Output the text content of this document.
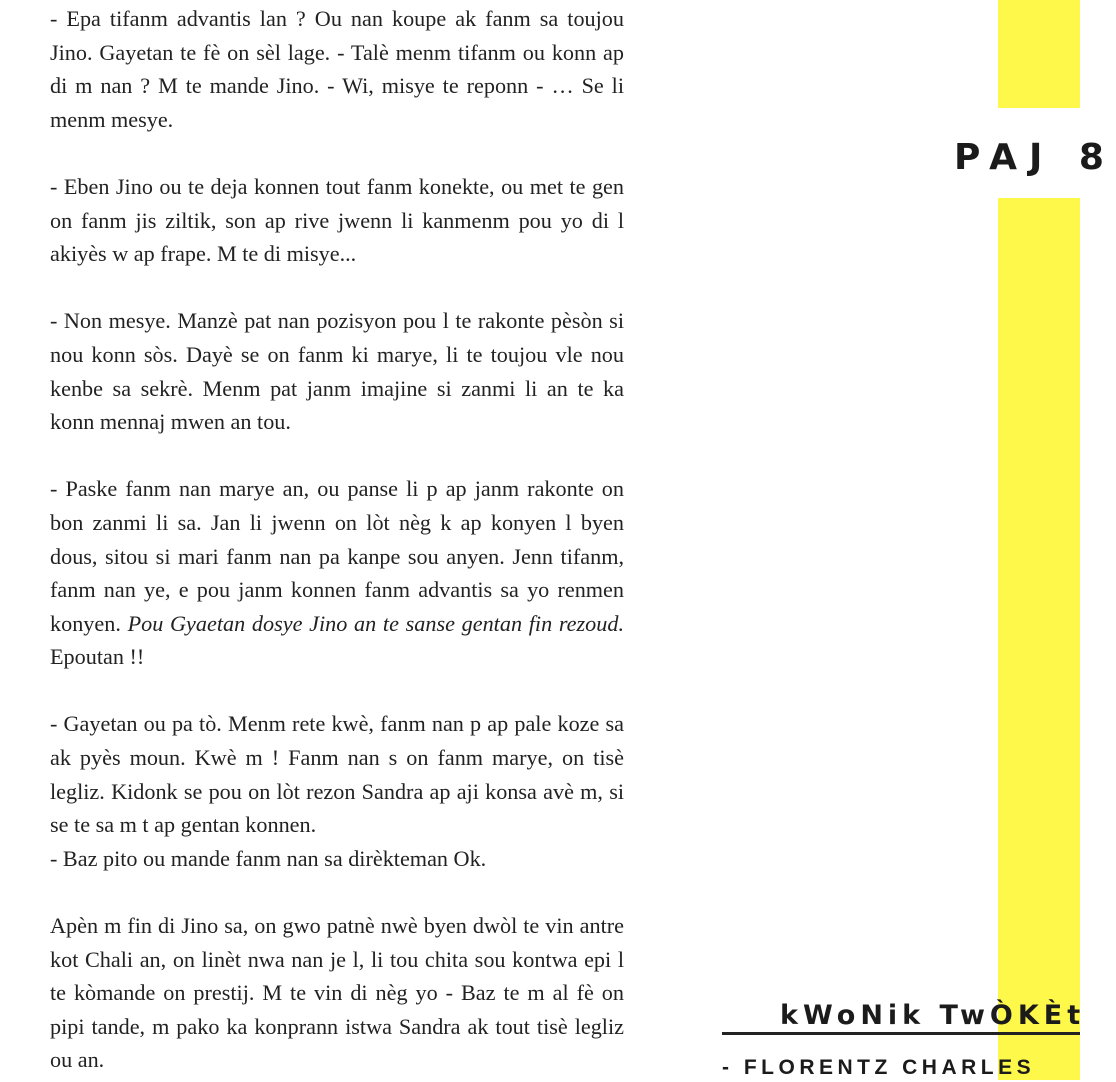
- Epa tifanm advantis lan ? Ou nan koupe ak fanm sa toujou Jino. Gayetan te fè on sèl lage. - Talè menm tifanm ou konn ap di m nan ? M te mande Jino. - Wi, misye te reponn - … Se li menm mesye.

- Eben Jino ou te deja konnen tout fanm konekte, ou met te gen on fanm jis ziltik, son ap rive jwenn li kanmenm pou yo di l akiyès w ap frape. M te di misye...

- Non mesye. Manzè pat nan pozisyon pou l te rakonte pèsòn si nou konn sòs. Dayè se on fanm ki marye, li te toujou vle nou kenbe sa sekrè. Menm pat janm imajine si zanmi li an te ka konn mennaj mwen an tou.

- Paske fanm nan marye an, ou panse li p ap janm rakonte on bon zanmi li sa. Jan li jwenn on lòt nèg k ap konyen l byen dous, sitou si mari fanm nan pa kanpe sou anyen. Jenn tifanm, fanm nan ye, e pou janm konnen fanm advantis sa yo renmen konyen. Pou Gyaetan dosye Jino an te sanse gentan fin rezoud. Epoutan !!

- Gayetan ou pa tò. Menm rete kwè, fanm nan p ap pale koze sa ak pyès moun. Kwè m ! Fanm nan s on fanm marye, on tisè legliz. Kidonk se pou on lòt rezon Sandra ap aji konsa avè m, si se te sa m t ap gentan konnen.
- Baz pito ou mande fanm nan sa dirèkteman Ok.

Apèn m fin di Jino sa, on gwo patnè nwè byen dwòl te vin antre kot Chali an, on linèt nwa nan je l, li tou chita sou kontwa epi l te kòmande on prestij. M te vin di nèg yo - Baz te m al fè on pipi tande, m pako ka konprann istwa Sandra ak tout tisè legliz ou an.

PAJ 8
kWoNik TwÒKÈt
- FLORENTZ CHARLES
